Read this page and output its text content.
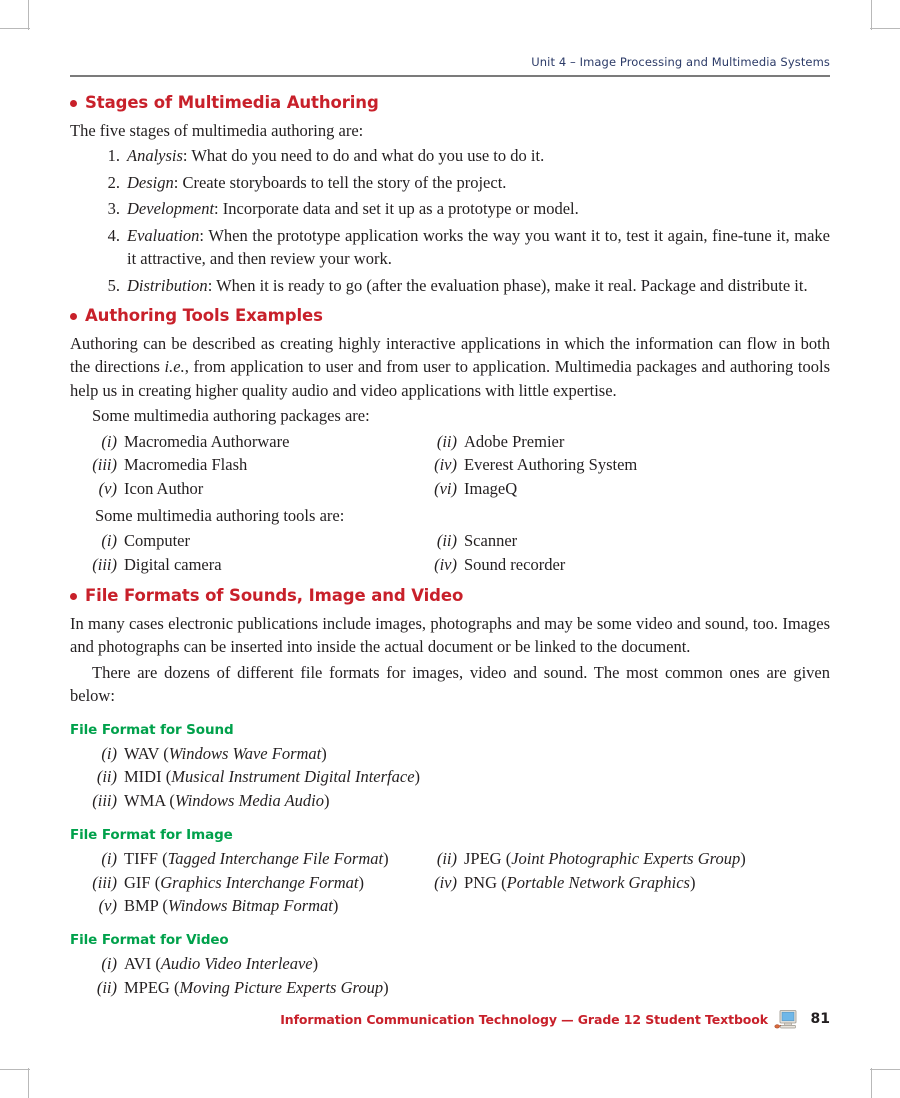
Unit 4 – Image Processing and Multimedia Systems
Stages of Multimedia Authoring

The five stages of multimedia authoring are:

1. Analysis: What do you need to do and what do you use to do it.
2. Design: Create storyboards to tell the story of the project.
3. Development: Incorporate data and set it up as a prototype or model.
4. Evaluation: When the prototype application works the way you want it to, test it again, fine-tune it, make it attractive, and then review your work.
5. Distribution: When it is ready to go (after the evaluation phase), make it real. Package and distribute it.
Authoring Tools Examples

Authoring can be described as creating highly interactive applications in which the information can flow in both the directions i.e., from application to user and from user to application. Multimedia packages and authoring tools help us in creating higher quality audio and video applications with little expertise.

Some multimedia authoring packages are:

(i) Macromedia Authorware	(ii) Adobe Premier
(iii) Macromedia Flash	(iv) Everest Authoring System
(v) Icon Author	(vi) ImageQ

Some multimedia authoring tools are:

(i) Computer	(ii) Scanner
(iii) Digital camera	(iv) Sound recorder
File Formats of Sounds, Image and Video

In many cases electronic publications include images, photographs and may be some video and sound, too. Images and photographs can be inserted into inside the actual document or be linked to the document.

There are dozens of different file formats for images, video and sound. The most common ones are given below:

File Format for Sound
(i) WAV (Windows Wave Format)
(ii) MIDI (Musical Instrument Digital Interface)
(iii) WMA (Windows Media Audio)
File Format for Image
(i) TIFF (Tagged Interchange File Format)	(ii) JPEG (Joint Photographic Experts Group)
(iii) GIF (Graphics Interchange Format)	(iv) PNG (Portable Network Graphics)
(v) BMP (Windows Bitmap Format)
File Format for Video
(i) AVI (Audio Video Interleave)
(ii) MPEG (Moving Picture Experts Group)
Information Communication Technology — Grade 12 Student Textbook	81
